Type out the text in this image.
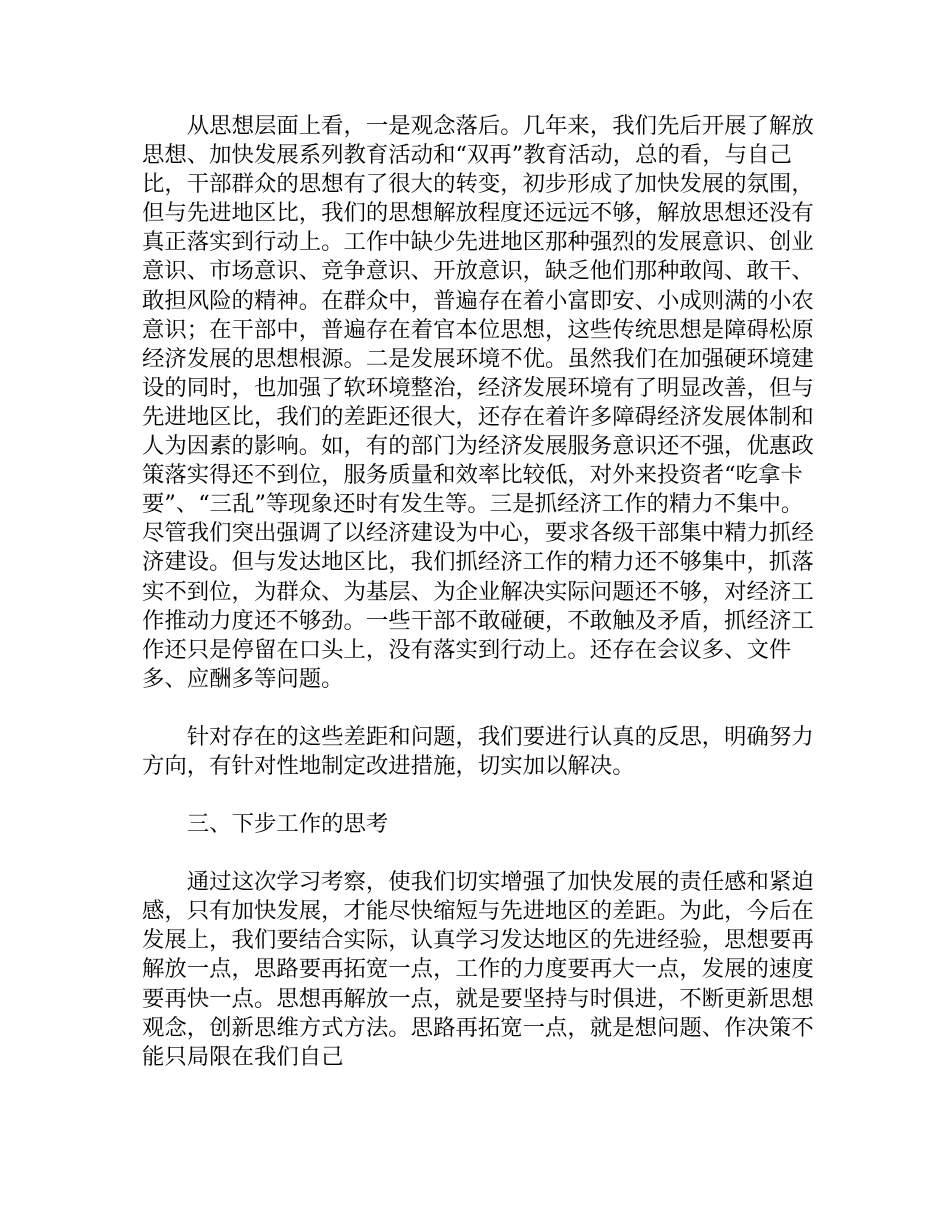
从思想层面上看，一是观念落后。几年来，我们先后开展了解放思想、加快发展系列教育活动和“双再”教育活动，总的看，与自己比，干部群众的思想有了很大的转变，初步形成了加快发展的氛围，但与先进地区比，我们的思想解放程度还远远不够，解放思想还没有真正落实到行动上。工作中缺少先进地区那种强烈的发展意识、创业意识、市场意识、竞争意识、开放意识，缺乏他们那种敢闯、敢干、敢担风险的精神。在群众中，普遍存在着小富即安、小成则满的小农意识；在干部中，普遍存在着官本位思想，这些传统思想是障碍松原经济发展的思想根源。二是发展环境不优。虽然我们在加强硬环境建设的同时，也加强了软环境整治，经济发展环境有了明显改善，但与先进地区比，我们的差距还很大，还存在着许多障碍经济发展体制和人为因素的影响。如，有的部门为经济发展服务意识还不强，优惠政策落实得还不到位，服务质量和效率比较低，对外来投资者“吃拿卡要”、“三乱”等现象还时有发生等。三是抓经济工作的精力不集中。尽管我们突出强调了以经济建设为中心，要求各级干部集中精力抓经济建设。但与发达地区比，我们抓经济工作的精力还不够集中，抓落实不到位，为群众、为基层、为企业解决实际问题还不够，对经济工作推动力度还不够劲。一些干部不敢碰硬，不敢触及矛盾，抓经济工作还只是停留在口头上，没有落实到行动上。还存在会议多、文件多、应酬多等问题。

针对存在的这些差距和问题，我们要进行认真的反思，明确努力方向，有针对性地制定改进措施，切实加以解决。

三、下步工作的思考

通过这次学习考察，使我们切实增强了加快发展的责任感和紧迫感，只有加快发展，才能尽快缩短与先进地区的差距。为此，今后在发展上，我们要结合实际，认真学习发达地区的先进经验，思想要再解放一点，思路要再拓宽一点，工作的力度要再大一点，发展的速度要再快一点。思想再解放一点，就是要坚持与时俱进，不断更新思想观念，创新思维方式方法。思路再拓宽一点，就是想问题、作决策不能只局限在我们自己
